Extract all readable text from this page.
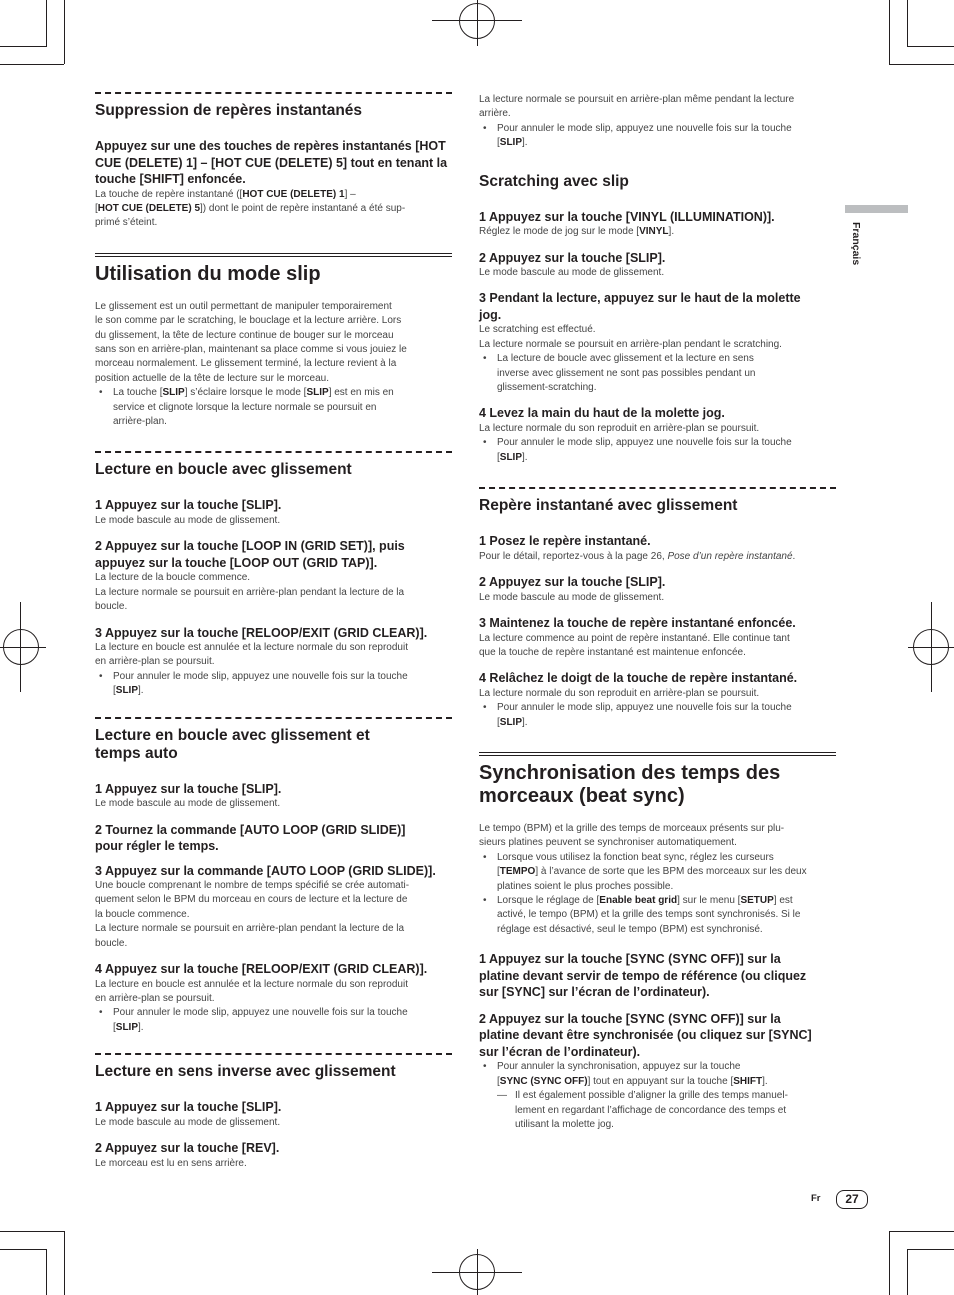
Suppression de repères instantanés
Appuyez sur une des touches de repères instantanés [HOT CUE (DELETE) 1] – [HOT CUE (DELETE) 5] tout en tenant la touche [SHIFT] enfoncée.
La touche de repère instantané ([HOT CUE (DELETE) 1] –
[HOT CUE (DELETE) 5]) dont le point de repère instantané a été sup-
primé s’éteint.
Utilisation du mode slip
Le glissement est un outil permettant de manipuler temporairement
le son comme par le scratching, le bouclage et la lecture arrière. Lors
du glissement, la tête de lecture continue de bouger sur le morceau
sans son en arrière-plan, maintenant sa place comme si vous jouiez le
morceau normalement. Le glissement terminé, la lecture revient à la
position actuelle de la tête de lecture sur le morceau.
• La touche [SLIP] s’éclaire lorsque le mode [SLIP] est en mis en
service et clignote lorsque la lecture normale se poursuit en
arrière-plan.
Lecture en boucle avec glissement
1 Appuyez sur la touche [SLIP].
Le mode bascule au mode de glissement.
2 Appuyez sur la touche [LOOP IN (GRID SET)], puis
appuyez sur la touche [LOOP OUT (GRID TAP)].
La lecture de la boucle commence.
La lecture normale se poursuit en arrière-plan pendant la lecture de la
boucle.
3 Appuyez sur la touche [RELOOP/EXIT (GRID CLEAR)].
La lecture en boucle est annulée et la lecture normale du son reproduit
en arrière-plan se poursuit.
• Pour annuler le mode slip, appuyez une nouvelle fois sur la touche
[SLIP].
Lecture en boucle avec glissement et
temps auto
1 Appuyez sur la touche [SLIP].
Le mode bascule au mode de glissement.
2 Tournez la commande [AUTO LOOP (GRID SLIDE)]
pour régler le temps.
3 Appuyez sur la commande [AUTO LOOP (GRID SLIDE)].
Une boucle comprenant le nombre de temps spécifié se crée automati-
quement selon le BPM du morceau en cours de lecture et la lecture de
la boucle commence.
La lecture normale se poursuit en arrière-plan pendant la lecture de la
boucle.
4 Appuyez sur la touche [RELOOP/EXIT (GRID CLEAR)].
La lecture en boucle est annulée et la lecture normale du son reproduit
en arrière-plan se poursuit.
• Pour annuler le mode slip, appuyez une nouvelle fois sur la touche
[SLIP].
Lecture en sens inverse avec glissement
1 Appuyez sur la touche [SLIP].
Le mode bascule au mode de glissement.
2 Appuyez sur la touche [REV].
Le morceau est lu en sens arrière.
La lecture normale se poursuit en arrière-plan même pendant la lecture
arrière.
• Pour annuler le mode slip, appuyez une nouvelle fois sur la touche
[SLIP].
Scratching avec slip
1 Appuyez sur la touche [VINYL (ILLUMINATION)].
Réglez le mode de jog sur le mode [VINYL].
2 Appuyez sur la touche [SLIP].
Le mode bascule au mode de glissement.
3 Pendant la lecture, appuyez sur le haut de la molette
jog.
Le scratching est effectué.
La lecture normale se poursuit en arrière-plan pendant le scratching.
• La lecture de boucle avec glissement et la lecture en sens
inverse avec glissement ne sont pas possibles pendant un
glissement-scratching.
4 Levez la main du haut de la molette jog.
La lecture normale du son reproduit en arrière-plan se poursuit.
• Pour annuler le mode slip, appuyez une nouvelle fois sur la touche
[SLIP].
Repère instantané avec glissement
1 Posez le repère instantané.
Pour le détail, reportez-vous à la page 26, Pose d’un repère instantané.
2 Appuyez sur la touche [SLIP].
Le mode bascule au mode de glissement.
3 Maintenez la touche de repère instantané enfoncée.
La lecture commence au point de repère instantané. Elle continue tant
que la touche de repère instantané est maintenue enfoncée.
4 Relâchez le doigt de la touche de repère instantané.
La lecture normale du son reproduit en arrière-plan se poursuit.
• Pour annuler le mode slip, appuyez une nouvelle fois sur la touche
[SLIP].
Synchronisation des temps des
morceaux (beat sync)
Le tempo (BPM) et la grille des temps de morceaux présents sur plu-
sieurs platines peuvent se synchroniser automatiquement.
• Lorsque vous utilisez la fonction beat sync, réglez les curseurs
[TEMPO] à l’avance de sorte que les BPM des morceaux sur les deux
platines soient le plus proches possible.
• Lorsque le réglage de [Enable beat grid] sur le menu [SETUP] est
activé, le tempo (BPM) et la grille des temps sont synchronisés. Si le
réglage est désactivé, seul le tempo (BPM) est synchronisé.
1 Appuyez sur la touche [SYNC (SYNC OFF)] sur la
platine devant servir de tempo de référence (ou cliquez
sur [SYNC] sur l’écran de l’ordinateur).
2 Appuyez sur la touche [SYNC (SYNC OFF)] sur la
platine devant être synchronisée (ou cliquez sur [SYNC]
sur l’écran de l’ordinateur).
• Pour annuler la synchronisation, appuyez sur la touche
[SYNC (SYNC OFF)] tout en appuyant sur la touche [SHIFT].
— Il est également possible d’aligner la grille des temps manuel-
lement en regardant l’affichage de concordance des temps et
utilisant la molette jog.
Français
Fr	27
